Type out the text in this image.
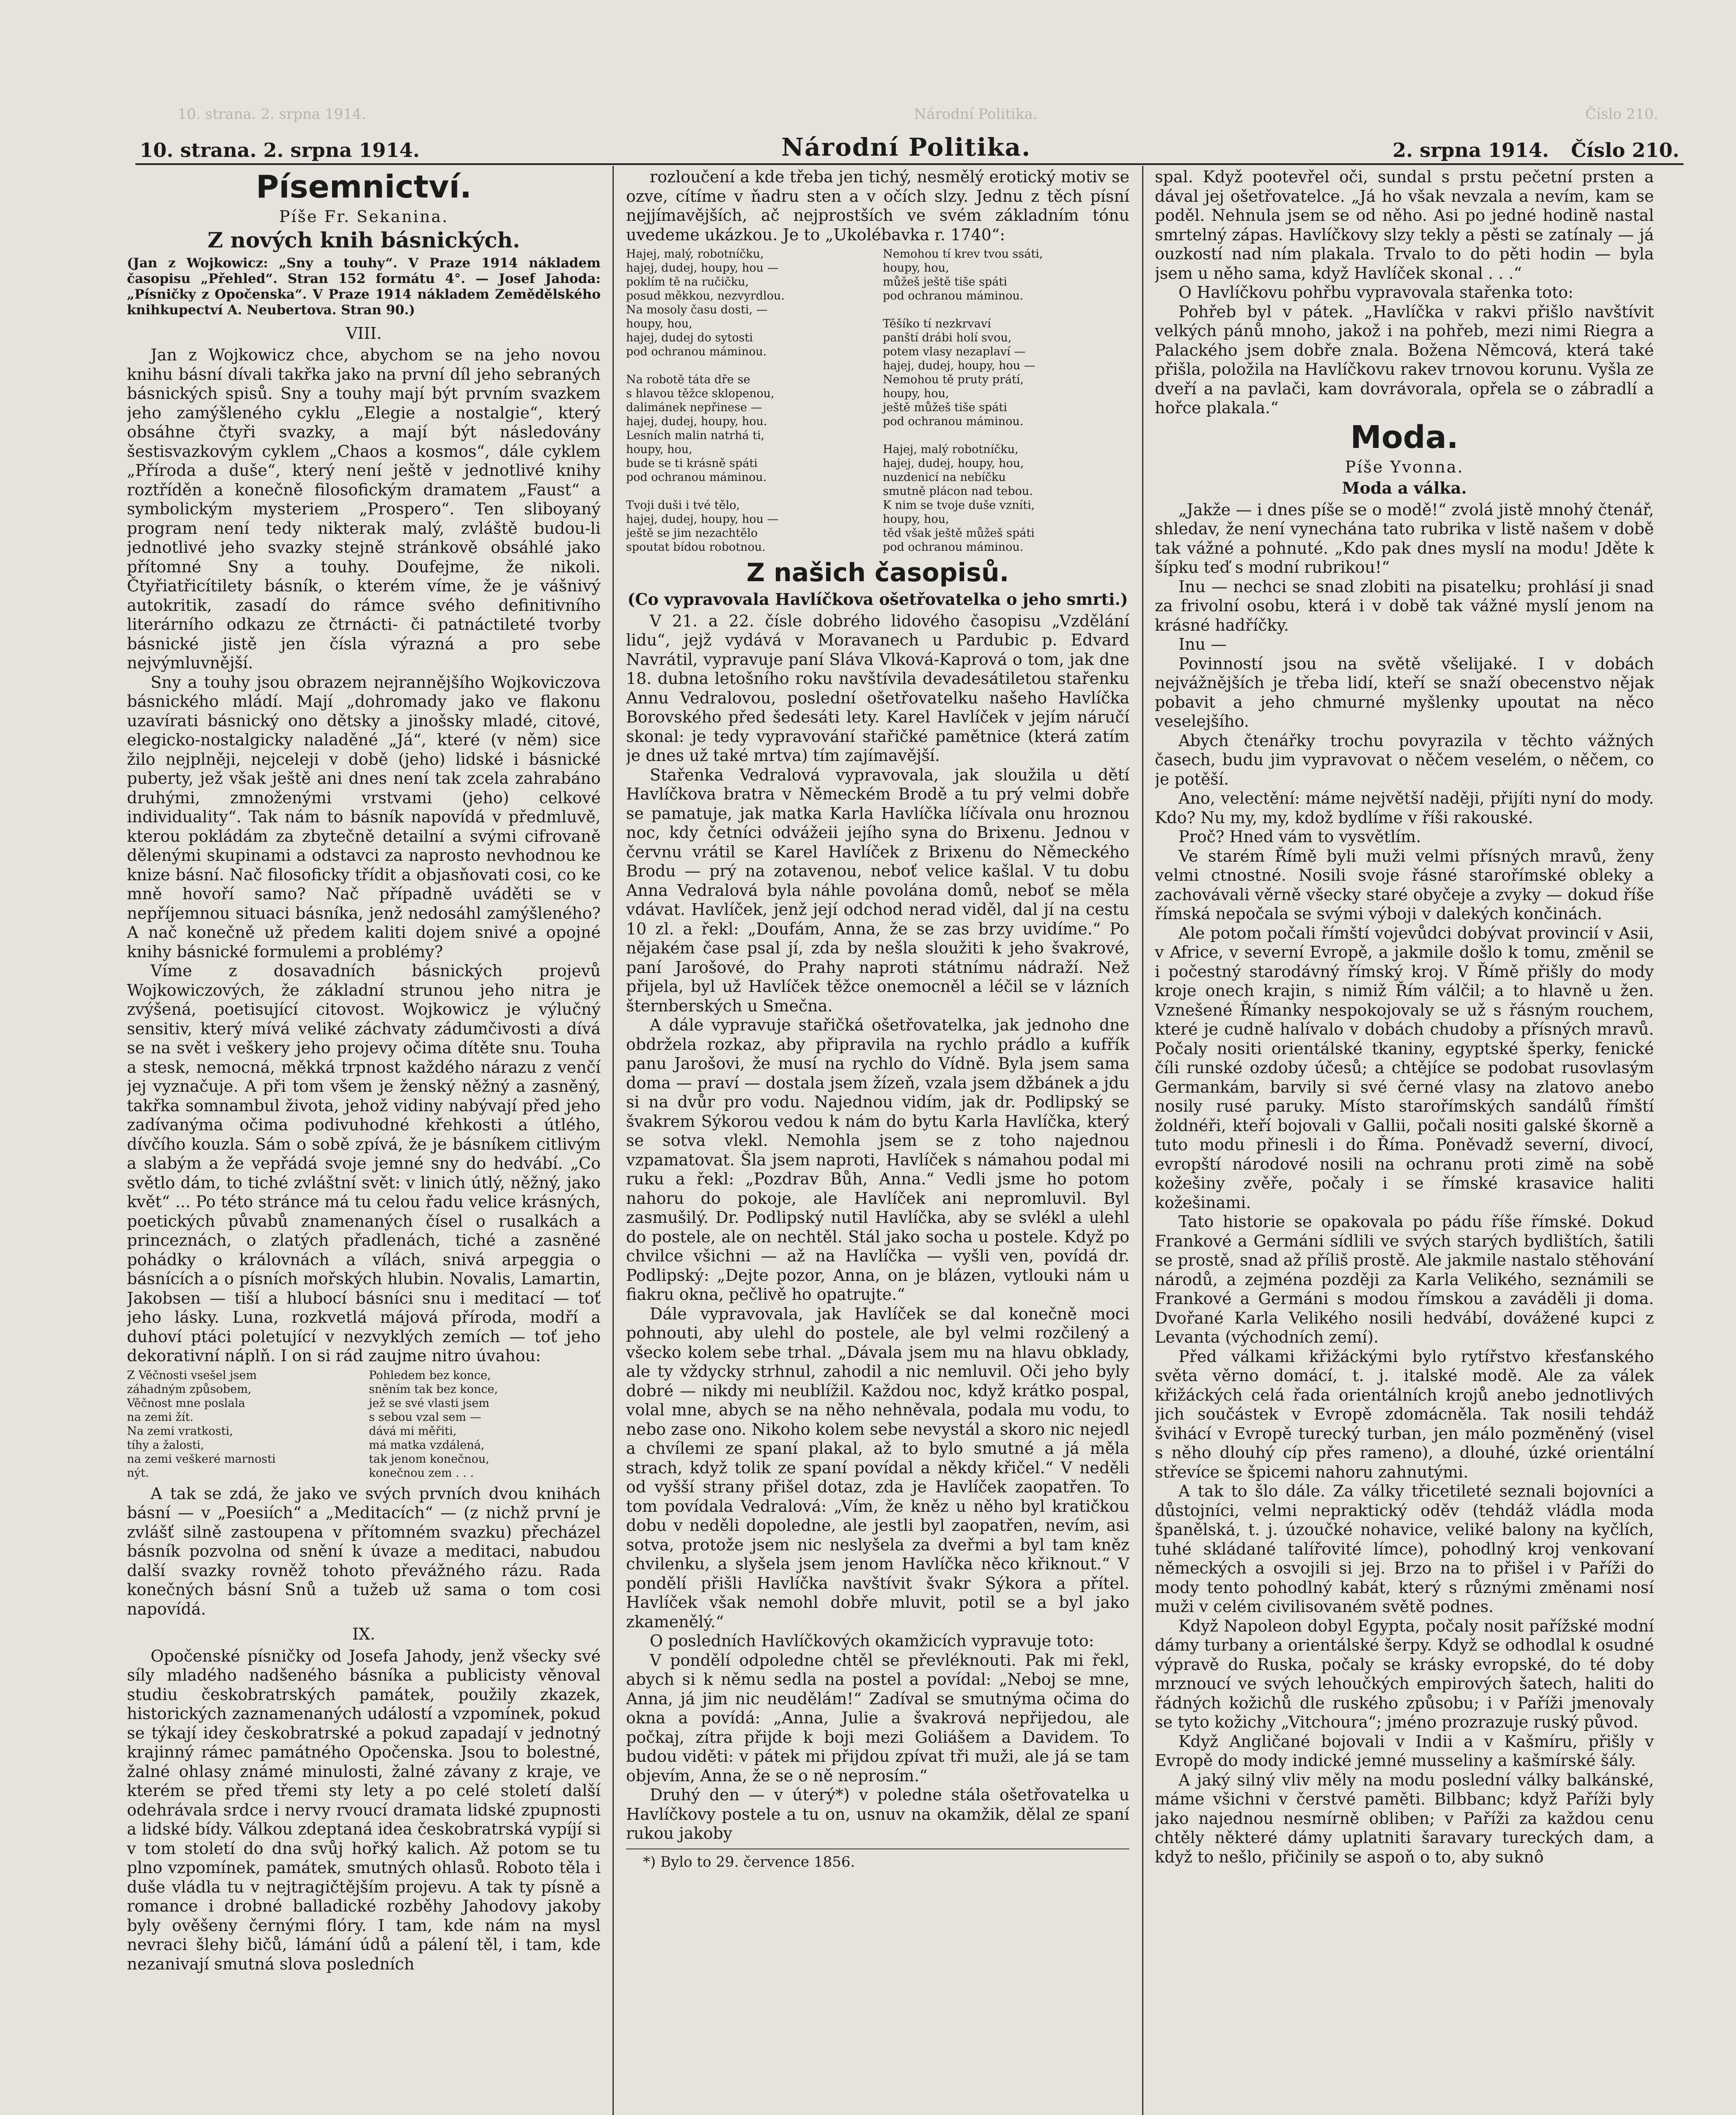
10. strana. 2. srpna 1914.	Národní Politika.	Číslo 210.
10. strana. 2. srpna 1914.	Národní Politika.	2. srpna 1914. Číslo 210.
Písemnictví.
Píše Fr. Sekanina.
Z nových knih básnických.
(Jan z Wojkowicz: „Sny a touhy“. V Praze 1914 nákladem časopisu „Přehled“. Stran 152 formátu 4°. — Josef Jahoda: „Písničky z Opočenska“. V Praze 1914 nákladem Zemědělského knihkupectví A. Neubertova. Stran 90.)
VIII.

Jan z Wojkowicz chce, abychom se na jeho novou knihu básní dívali takřka jako na první díl jeho sebraných básnických spisů. Sny a touhy mají být prvním svazkem jeho zamýšleného cyklu „Elegie a nostalgie“, který obsáhne čtyři svazky, a mají být následovány šestisvazkovým cyklem „Chaos a kosmos“, dále cyklem „Příroda a duše“, který není ještě v jednotlivé knihy roztříděn a konečně filosofickým dramatem „Faust“ a symbolickým mysteriem „Prospero“. Ten sliboyaný program není tedy nikterak malý, zvláště budou-li jednotlivé jeho svazky stejně stránkově obsáhlé jako přítomné Sny a touhy. Doufejme, že nikoli. Čtyřiatřicítilety básník, o kterém víme, že je vášnivý autokritik, zasadí do rámce svého definitivního literárního odkazu ze čtrnácti- či patnáctileté tvorby básnické jistě jen čísla výrazná a pro sebe nejvýmluvnější.

Sny a touhy jsou obrazem nejrannějšího Wojkoviczova básnického mládí. Mají „dohromady jako ve flakonu uzavírati básnický ono dětsky a jinošsky mladé, citové, elegicko-nostalgicky naladěné „Já“, které (v něm) sice žilo nejplněji, nejceleji v době (jeho) lidské i básnické puberty, jež však ještě ani dnes není tak zcela zahrabáno druhými, zmnoženými vrstvami (jeho) celkové individuality“. Tak nám to básník napovídá v předmluvě, kterou pokládám za zbytečně detailní a svými cifrovaně dělenými skupinami a odstavci za naprosto nevhodnou ke knize básní. Nač filosoficky třídit a objasňovati cosi, co ke mně hovoří samo? Nač případně uváděti se v nepříjemnou situaci básníka, jenž nedosáhl zamýšleného? A nač konečně už předem kaliti dojem snivé a opojné knihy básnické formulemi a problémy?

Víme z dosavadních básnických projevů Wojkowiczových, že základní strunou jeho nitra je zvýšená, poetisující citovost. Wojkowicz je výlučný sensitiv, který mívá veliké záchvaty zádumčivosti a dívá se na svět i veškery jeho projevy očima dítěte snu. Touha a stesk, nemocná, měkká trpnost každého nárazu z venčí jej vyznačuje. A při tom všem je ženský něžný a zasněný, takřka somnambul života, jehož vidiny nabývají před jeho zadívanýma očima podivuhodné křehkosti a útlého, dívčího kouzla. Sám o sobě zpívá, že je básníkem citlivým a slabým a že vepřádá svoje jemné sny do hedvábí. „Co světlo dám, to tiché zvláštní svět: v linich útlý, něžný, jako květ“ ... Po této stránce má tu celou řadu velice krásných, poetických půvabů znamenaných čísel o rusalkách a princeznách, o zlatých přadlenách, tiché a zasněné pohádky o královnách a vílách, snivá arpeggia o básnících a o písních mořských hlubin. Novalis, Lamartin, Jakobsen — tiší a hlubocí básníci snu i meditací — toť jeho lásky. Luna, rozkvetlá májová příroda, modří a duhoví ptáci poletující v nezvyklých zemích — toť jeho dekorativní náplň. I on si rád zaujme nitro úvahou:

Z Věčnosti vsešel jsem
záhadným způsobem,
Věčnost mne poslala
na zemi žít.
Na zemi vratkosti,
tíhy a žalosti,
na zemi veškeré marnosti
nýt.
Pohledem bez konce,
sněním tak bez konce,
jež se své vlasti jsem
s sebou vzal sem —
dává mi měřiti,
má matka vzdálená,
tak jenom konečnou,
konečnou zem . . .

A tak se zdá, že jako ve svých prvních dvou knihách básní — v „Poesiích“ a „Meditacích“ — (z nichž první je zvlášť silně zastoupena v přítomném svazku) přecházel básník pozvolna od snění k úvaze a meditaci, nabudou další svazky rovněž tohoto převážného rázu. Rada konečných básní Snů a tužeb už sama o tom cosi napovídá.

IX.

Opočenské písničky od Josefa Jahody, jenž všecky své síly mladého nadšeného básníka a publicisty věnoval studiu českobratrských památek, použily zkazek, historických zaznamenaných událostí a vzpomínek, pokud se týkají idey českobratrské a pokud zapadají v jednotný krajinný rámec památného Opočenska. Jsou to bolestné, žalné ohlasy známé minulosti, žalné závany z kraje, ve kterém se před třemi sty lety a po celé století další odehrávala srdce i nervy rvoucí dramata lidské zpupnosti a lidské bídy. Válkou zdeptaná idea českobratrská vypíjí si v tom století do dna svůj hořký kalich. Až potom se tu plno vzpomínek, památek, smutných ohlasů. Roboto těla i duše vládla tu v nejtragičtějším projevu. A tak ty písně a romance i drobné balladické rozběhy Jahodovy jakoby byly ověšeny černými flóry. I tam, kde nám na mysl nevraci šlehy bičů, lámání údů a pálení těl, i tam, kde nezanivají smutná slova posledních

rozloučení a kde třeba jen tichý, nesmělý erotický motiv se ozve, cítíme v ňadru sten a v očích slzy. Jednu z těch písní nejjímavějších, ač nejprostších ve svém základním tónu uvedeme ukázkou. Je to „Ukolébavka r. 1740“:

Hajej, malý, robotníčku,
hajej, dudej, houpy, hou —
poklím tě na ručičku,
posud měkkou, nezvyrdlou.
Na mosoly času dosti, —
houpy, hou,
hajej, dudej do sytosti
pod ochranou máminou.

Na robotě táta dře se
s hlavou těžce sklopenou,
dalimánek nepřinese —
hajej, dudej, houpy, hou.
Lesních malin natrhá ti,
houpy, hou,
bude se ti krásně spáti
pod ochranou máminou.

Tvoji duši i tvé tělo,
hajej, dudej, houpy, hou —
ještě se jim nezachtělo
spoutat bídou robotnou.
Nemohou tí krev tvou ssáti,
houpy, hou,
můžeš ještě tiše spáti
pod ochranou máminou.

Těšíko tí nezkrvaví
panští drábi holí svou,
potem vlasy nezaplaví —
hajej, dudej, houpy, hou —
Nemohou tě pruty prátí,
houpy, hou,
ještě můžeš tiše spáti
pod ochranou máminou.

Hajej, malý robotníčku,
hajej, dudej, houpy, hou,
nuzdenicí na nebíčku
smutně plácon nad tebou.
K nim se tvoje duše vzníti,
houpy, hou,
těd však ještě můžeš spáti
pod ochranou máminou.
Z našich časopisů.
(Co vypravovala Havlíčkova ošetřovatelka o jeho smrti.)

V 21. a 22. čísle dobrého lidového časopisu „Vzdělání lidu“, jejž vydává v Moravanech u Pardubic p. Edvard Navrátil, vypravuje paní Sláva Vlková-Kaprová o tom, jak dne 18. dubna letošního roku navštívila devadesátiletou stařenku Annu Vedralovou, poslední ošetřovatelku našeho Havlíčka Borovského před šedesáti lety. Karel Havlíček v jejím náručí skonal: je tedy vypravování stařičké pamětnice (která zatím je dnes už také mrtva) tím zajímavější.

Stařenka Vedralová vypravovala, jak sloužila u dětí Havlíčkova bratra v Německém Brodě a tu prý velmi dobře se pamatuje, jak matka Karla Havlíčka líčívala onu hroznou noc, kdy četníci odvážeii jejího syna do Brixenu. Jednou v červnu vrátil se Karel Havlíček z Brixenu do Německého Brodu — prý na zotavenou, neboť velice kašlal. V tu dobu Anna Vedralová byla náhle povolána domů, neboť se měla vdávat. Havlíček, jenž její odchod nerad viděl, dal jí na cestu 10 zl. a řekl: „Doufám, Anna, že se zas brzy uvidíme.“ Po nějakém čase psal jí, zda by nešla sloužiti k jeho švakrové, paní Jarošové, do Prahy naproti státnímu nádraží. Než přijela, byl už Havlíček těžce onemocněl a léčil se v lázních šternberských u Smečna.

A dále vypravuje stařičká ošetřovatelka, jak jednoho dne obdržela rozkaz, aby připravila na rychlo prádlo a kufřík panu Jarošovi, že musí na rychlo do Vídně. Byla jsem sama doma — praví — dostala jsem žízeň, vzala jsem džbánek a jdu si na dvůr pro vodu. Najednou vidím, jak dr. Podlipský se švakrem Sýkorou vedou k nám do bytu Karla Havlíčka, který se sotva vlekl. Nemohla jsem se z toho najednou vzpamatovat. Šla jsem naproti, Havlíček s námahou podal mi ruku a řekl: „Pozdrav Bůh, Anna.“ Vedli jsme ho potom nahoru do pokoje, ale Havlíček ani nepromluvil. Byl zasmušilý. Dr. Podlipský nutil Havlíčka, aby se svlékl a ulehl do postele, ale on nechtěl. Stál jako socha u postele. Když po chvilce všichni — až na Havlíčka — vyšli ven, povídá dr. Podlipský: „Dejte pozor, Anna, on je blázen, vytlouki nám u fiakru okna, pečlivě ho opatrujte.“

Dále vypravovala, jak Havlíček se dal konečně moci pohnouti, aby ulehl do postele, ale byl velmi rozčilený a všecko kolem sebe trhal. „Dávala jsem mu na hlavu obklady, ale ty vždycky strhnul, zahodil a nic nemluvil. Oči jeho byly dobré — nikdy mi neublížil. Každou noc, když krátko pospal, volal mne, abych se na něho nehněvala, podala mu vodu, to nebo zase ono. Nikoho kolem sebe nevystál a skoro nic nejedl a chvílemi ze spaní plakal, až to bylo smutné a já měla strach, když tolik ze spaní povídal a někdy křičel.“ V neděli od vyšší strany přišel dotaz, zda je Havlíček zaopatřen. To tom povídala Vedralová: „Vím, že kněz u něho byl kratičkou dobu v neděli dopoledne, ale jestli byl zaopatřen, nevím, asi sotva, protože jsem nic neslyšela za dveřmi a byl tam kněz chvilenku, a slyšela jsem jenom Havlíčka něco křiknout.“ V pondělí přišli Havlíčka navštívit švakr Sýkora a přítel. Havlíček však nemohl dobře mluvit, potil se a byl jako zkamenělý.“

O posledních Havlíčkových okamžicích vypravuje toto:

V pondělí odpoledne chtěl se převléknouti. Pak mi řekl, abych si k němu sedla na postel a povídal: „Neboj se mne, Anna, já jim nic neudělám!“ Zadíval se smutnýma očima do okna a povídá: „Anna, Julie a švakrová nepřijedou, ale počkaj, zítra přijde k boji mezi Goliášem a Davidem. To budou viděti: v pátek mi přijdou zpívat tři muži, ale já se tam objevím, Anna, že se o ně neprosím.“

Druhý den — v úterý*) v poledne stála ošetřovatelka u Havlíčkovy postele a tu on, usnuv na okamžik, dělal ze spaní rukou jakoby

*) Bylo to 29. července 1856.

spal. Když pootevřel oči, sundal s prstu pečetní prsten a dával jej ošetřovatelce. „Já ho však nevzala a nevím, kam se poděl. Nehnula jsem se od něho. Asi po jedné hodině nastal smrtelný zápas. Havlíčkovy slzy tekly a pěsti se zatínaly — já ouzkostí nad ním plakala. Trvalo to do pěti hodin — byla jsem u něho sama, když Havlíček skonal . . .“

O Havlíčkovu pohřbu vypravovala stařenka toto:

Pohřeb byl v pátek. „Havlíčka v rakvi přišlo navštívit velkých pánů mnoho, jakož i na pohřeb, mezi nimi Riegra a Palackého jsem dobře znala. Božena Němcová, která také přišla, položila na Havlíčkovu rakev trnovou korunu. Vyšla ze dveří a na pavlači, kam dovrávorala, opřela se o zábradlí a hořce plakala.“

Moda.
Píše Yvonna.
Moda a válka.

„Jakže — i dnes píše se o modě!“ zvolá jistě mnohý čtenář, shledav, že není vynechána tato rubrika v listě našem v době tak vážné a pohnuté. „Kdo pak dnes myslí na modu! Jděte k šípku teď s modní rubrikou!“

Inu — nechci se snad zlobiti na pisatelku; prohlásí ji snad za frivolní osobu, která i v době tak vážné myslí jenom na krásné hadříčky.

Inu —

Povinností jsou na světě všelijaké. I v dobách nejvážnějších je třeba lidí, kteří se snaží obecenstvo nějak pobavit a jeho chmurné myšlenky upoutat na něco veselejšího.

Abych čtenářky trochu povyrazila v těchto vážných časech, budu jim vypravovat o něčem veselém, o něčem, co je potěší.

Ano, velectění: máme největší naději, přijíti nyní do mody. Kdo? Nu my, my, kdož bydlíme v říši rakouské.

Proč? Hned vám to vysvětlím.

Ve starém Římě byli muži velmi přísných mravů, ženy velmi ctnostné. Nosili svoje řásné starořímské obleky a zachovávali věrně všecky staré obyčeje a zvyky — dokud říše římská nepočala se svými výboji v dalekých končinách.

Ale potom počali římští vojevůdci dobývat provincií v Asii, v Africe, v severní Evropě, a jakmile došlo k tomu, změnil se i počestný starodávný římský kroj. V Římě přišly do mody kroje onech krajin, s nimiž Řím válčil; a to hlavně u žen. Vznešené Římanky nespokojovaly se už s řásným rouchem, které je cudně halívalo v dobách chudoby a přísných mravů. Počaly nositi orientálské tkaniny, egyptské šperky, fenické číli runské ozdoby účesů; a chtějíce se podobat rusovlasým Germankám, barvily si své černé vlasy na zlatovo anebo nosily rusé paruky. Místo starořímských sandálů římští žoldnéři, kteří bojovali v Gallii, počali nositi galské škorně a tuto modu přinesli i do Říma. Poněvadž severní, divocí, evropští národové nosili na ochranu proti zimě na sobě kožešiny zvěře, počaly i se římské krasavice haliti kožešinami.

Tato historie se opakovala po pádu říše římské. Dokud Frankové a Germáni sídlili ve svých starých bydlištích, šatili se prostě, snad až příliš prostě. Ale jakmile nastalo stěhování národů, a zejména později za Karla Velikého, seznámili se Frankové a Germáni s modou římskou a zaváděli ji doma. Dvořané Karla Velikého nosili hedvábí, dovážené kupci z Levanta (východních zemí).

Před válkami křižáckými bylo rytířstvo křesťanského světa věrno domácí, t. j. italské modě. Ale za válek křižáckých celá řada orientálních krojů anebo jednotlivých jich součástek v Evropě zdomácněla. Tak nosili tehdáž švihácí v Evropě turecký turban, jen málo pozměněný (visel s něho dlouhý cíp přes rameno), a dlouhé, úzké orientální střevíce se špicemi nahoru zahnutými.

A tak to šlo dále. Za války třicetileté seznali bojovníci a důstojníci, velmi nepraktický oděv (tehdáž vládla moda španělská, t. j. úzoučké nohavice, veliké balony na kyčlích, tuhé skládané talířovité límce), pohodlný kroj venkovaní německých a osvojili si jej. Brzo na to přišel i v Paříži do mody tento pohodlný kabát, který s různými změnami nosí muži v celém civilisovaném světě podnes.

Když Napoleon dobyl Egypta, počaly nosit pařížské modní dámy turbany a orientálské šerpy. Když se odhodlal k osudné výpravě do Ruska, počaly se krásky evropské, do té doby mrznoucí ve svých lehoučkých empirových šatech, haliti do řádných kožichů dle ruského způsobu; i v Paříži jmenovaly se tyto kožichy „Vitchoura“; jméno prozrazuje ruský původ.

Když Angličané bojovali v Indii a v Kašmíru, přišly v Evropě do mody indické jemné musseliny a kašmírské šály.

A jaký silný vliv měly na modu poslední války balkánské, máme všichni v čerstvé paměti. Bilbbanc; když Paříži byly jako najednou nesmírně obliben; v Paříži za každou cenu chtěly některé dámy uplatniti šaravary tureckých dam, a když to nešlo, přičinily se aspoň o to, aby suknô
